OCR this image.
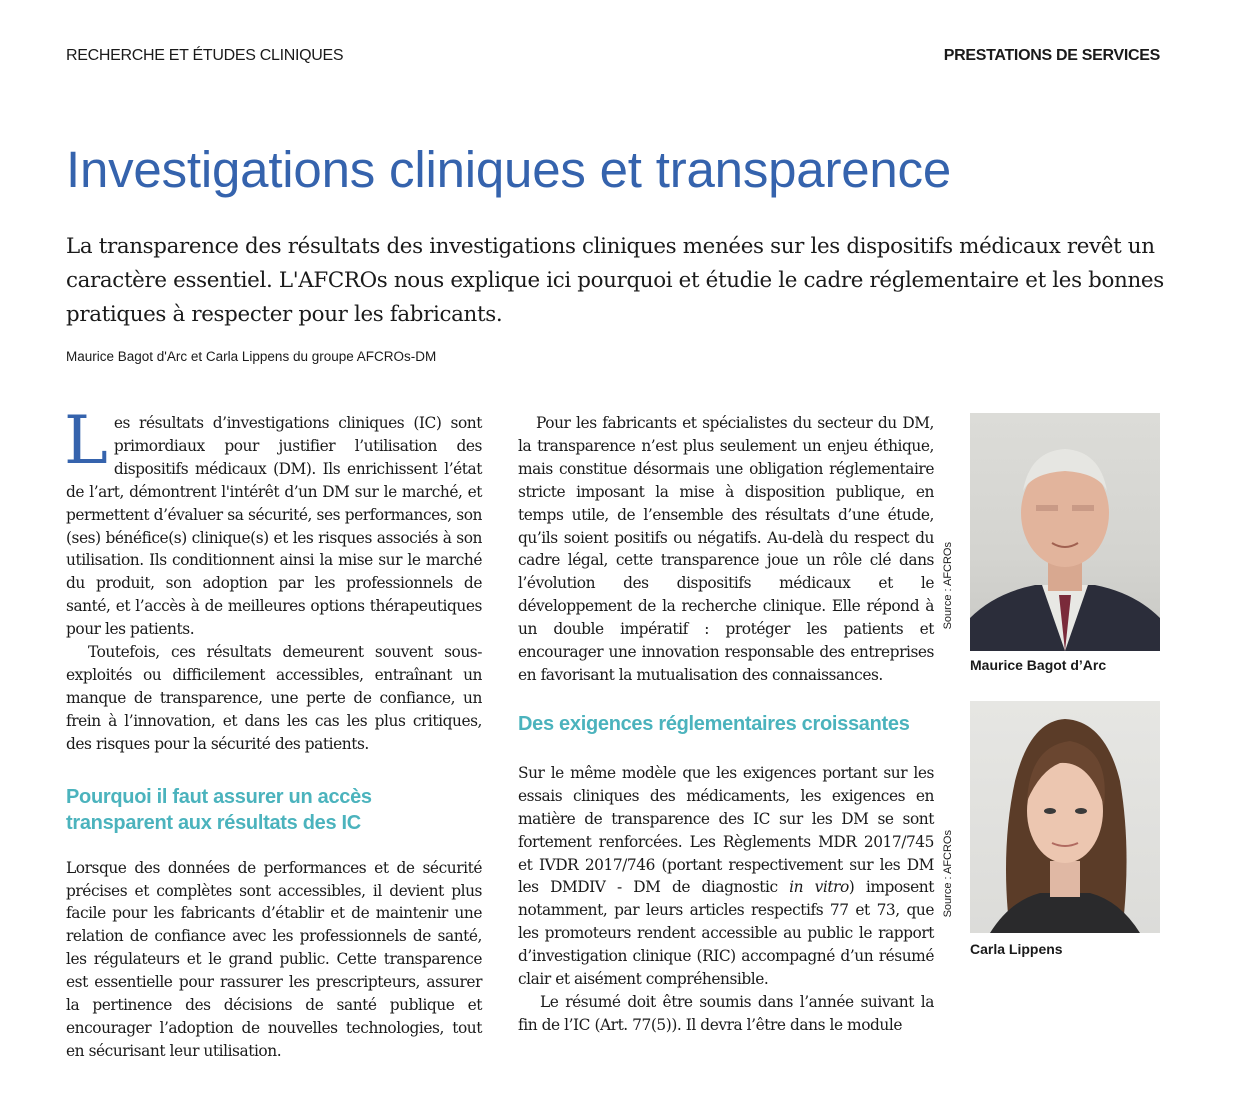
RECHERCHE ET ÉTUDES CLINIQUES	PRESTATIONS DE SERVICES
Investigations cliniques et transparence

La transparence des résultats des investigations cliniques menées sur les dispositifs médicaux revêt un caractère essentiel. L'AFCROs nous explique ici pourquoi et étudie le cadre réglementaire et les bonnes pratiques à respecter pour les fabricants.

Maurice Bagot d'Arc et Carla Lippens du groupe AFCROs-DM

Les résultats d’investigations cliniques (IC) sont primordiaux pour justifier l’utilisation des dispositifs médicaux (DM). Ils enrichissent l’état de l’art, démontrent l'intérêt d’un DM sur le marché, et permettent d’évaluer sa sécurité, ses performances, son (ses) bénéfice(s) clinique(s) et les risques associés à son utilisation. Ils conditionnent ainsi la mise sur le marché du produit, son adoption par les professionnels de santé, et l’accès à de meilleures options thérapeutiques pour les patients.

Toutefois, ces résultats demeurent souvent sous-exploités ou difficilement accessibles, entraînant un manque de transparence, une perte de confiance, un frein à l’innovation, et dans les cas les plus critiques, des risques pour la sécurité des patients.

Pourquoi il faut assurer un accès transparent aux résultats des IC

Lorsque des données de performances et de sécurité précises et complètes sont accessibles, il devient plus facile pour les fabricants d’établir et de maintenir une relation de confiance avec les professionnels de santé, les régulateurs et le grand public. Cette transparence est essentielle pour rassurer les prescripteurs, assurer la pertinence des décisions de santé publique et encourager l’adoption de nouvelles technologies, tout en sécurisant leur utilisation.

Pour les fabricants et spécialistes du secteur du DM, la transparence n’est plus seulement un enjeu éthique, mais constitue désormais une obligation réglementaire stricte imposant la mise à disposition publique, en temps utile, de l’ensemble des résultats d’une étude, qu’ils soient positifs ou négatifs. Au-delà du respect du cadre légal, cette transparence joue un rôle clé dans l’évolution des dispositifs médicaux et le développement de la recherche clinique. Elle répond à un double impératif : protéger les patients et encourager une innovation responsable des entreprises en favorisant la mutualisation des connaissances.

Des exigences réglementaires croissantes

Sur le même modèle que les exigences portant sur les essais cliniques des médicaments, les exigences en matière de transparence des IC sur les DM se sont fortement renforcées. Les Règlements MDR 2017/745 et IVDR 2017/746 (portant respectivement sur les DM les DMDIV - DM de diagnostic in vitro) imposent notamment, par leurs articles respectifs 77 et 73, que les promoteurs rendent accessible au public le rapport d’investigation clinique (RIC) accompagné d’un résumé clair et aisément compréhensible.

Le résumé doit être soumis dans l’année suivant la fin de l’IC (Art. 77(5)). Il devra l’être dans le module

Source : AFCROs
Maurice Bagot d’Arc
Source : AFCROs
Carla Lippens
